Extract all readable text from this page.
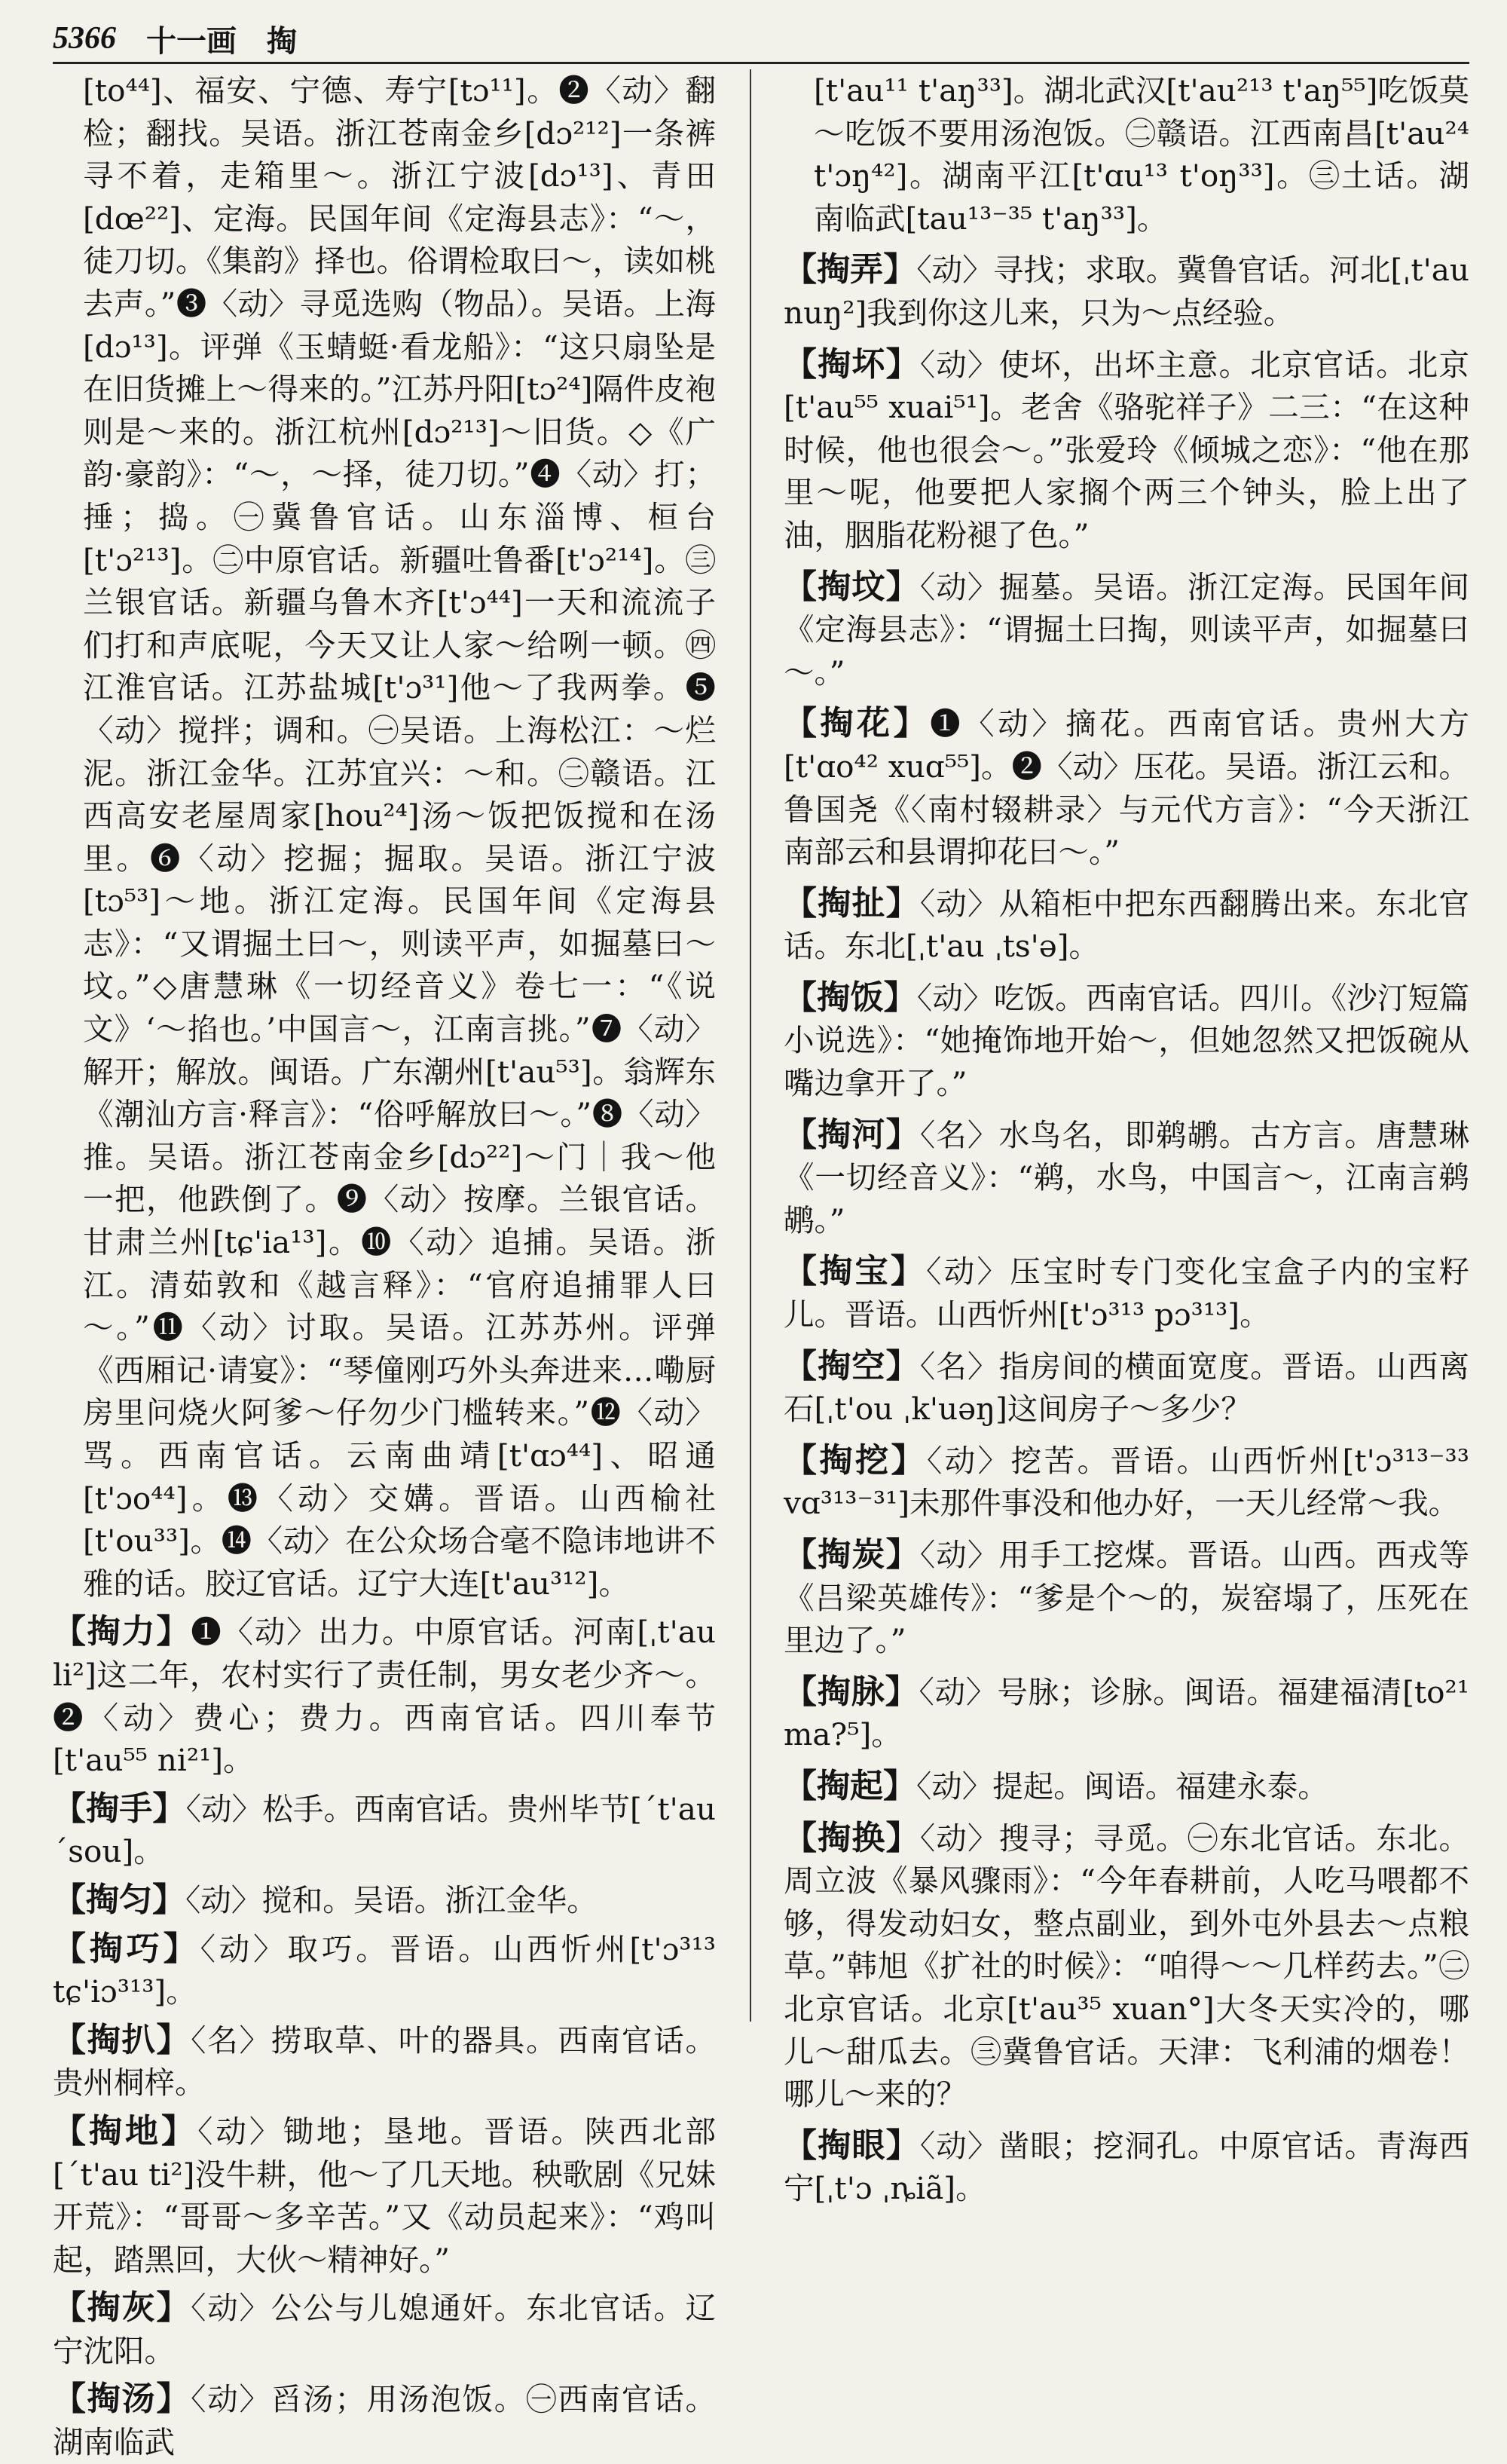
5366 十一画 掏

[to⁴⁴]、福安、宁德、寿宁[tɔ¹¹]。❷〈动〉翻检；翻找。吴语。浙江苍南金乡[dɔ²¹²]一条裤寻不着，走箱里～。浙江宁波[dɔ¹³]、青田[dœ²²]、定海。民国年间《定海县志》：“～，徒刀切。《集韵》择也。俗谓检取曰～，读如桃去声。”❸〈动〉寻觅选购（物品）。吴语。上海[dɔ¹³]。评弹《玉蜻蜓·看龙船》：“这只扇坠是在旧货摊上～得来的。”江苏丹阳[tɔ²⁴]隔件皮袍则是～来的。浙江杭州[dɔ²¹³]～旧货。◇《广韵·豪韵》：“～，～择，徒刀切。”❹〈动〉打；捶；捣。㊀冀鲁官话。山东淄博、桓台[t'ɔ²¹³]。㊁中原官话。新疆吐鲁番[t'ɔ²¹⁴]。㊂兰银官话。新疆乌鲁木齐[t'ɔ⁴⁴]一天和流流子们打和声底呢，今天又让人家～给咧一顿。㊃江淮官话。江苏盐城[t'ɔ³¹]他～了我两拳。❺〈动〉搅拌；调和。㊀吴语。上海松江：～烂泥。浙江金华。江苏宜兴：～和。㊁赣语。江西高安老屋周家[hou²⁴]汤～饭把饭搅和在汤里。❻〈动〉挖掘；掘取。吴语。浙江宁波[tɔ⁵³]～地。浙江定海。民国年间《定海县志》：“又谓掘土曰～，则读平声，如掘墓曰～坟。”◇唐慧琳《一切经音义》卷七一：“《说文》‘～掐也。’中国言～，江南言挑。”❼〈动〉解开；解放。闽语。广东潮州[t'au⁵³]。翁辉东《潮汕方言·释言》：“俗呼解放曰～。”❽〈动〉推。吴语。浙江苍南金乡[dɔ²²]～门｜我～他一把，他跌倒了。❾〈动〉按摩。兰银官话。甘肃兰州[tɕ'ia¹³]。❿〈动〉追捕。吴语。浙江。清茹敦和《越言释》：“官府追捕罪人曰～。”⓫〈动〉讨取。吴语。江苏苏州。评弹《西厢记·请宴》：“琴僮刚巧外头奔进来…嘞厨房里问烧火阿爹～仔勿少门槛转来。”⓬〈动〉骂。西南官话。云南曲靖[t'ɑɔ⁴⁴]、昭通[t'ɔo⁴⁴]。⓭〈动〉交媾。晋语。山西榆社[t'ou³³]。⓮〈动〉在公众场合毫不隐讳地讲不雅的话。胶辽官话。辽宁大连[t'au³¹²]。

【掏力】❶〈动〉出力。中原官话。河南[ˌt'au li²]这二年，农村实行了责任制，男女老少齐～。❷〈动〉费心；费力。西南官话。四川奉节[t'au⁵⁵ ni²¹]。

【掏手】〈动〉松手。西南官话。贵州毕节[ˊt'au ˊsou]。

【掏匀】〈动〉搅和。吴语。浙江金华。

【掏巧】〈动〉取巧。晋语。山西忻州[t'ɔ³¹³ tɕ'iɔ³¹³]。

【掏扒】〈名〉捞取草、叶的器具。西南官话。贵州桐梓。

【掏地】〈动〉锄地；垦地。晋语。陕西北部[ˊt'au ti²]没牛耕，他～了几天地。秧歌剧《兄妹开荒》：“哥哥～多辛苦。”又《动员起来》：“鸡叫起，踏黑回，大伙～精神好。”

【掏灰】〈动〉公公与儿媳通奸。东北官话。辽宁沈阳。

【掏汤】〈动〉舀汤；用汤泡饭。㊀西南官话。湖南临武

[t'au¹¹ t'aŋ³³]。湖北武汉[t'au²¹³ t'aŋ⁵⁵]吃饭莫～吃饭不要用汤泡饭。㊁赣语。江西南昌[t'au²⁴ t'ɔŋ⁴²]。湖南平江[t'ɑu¹³ t'oŋ³³]。㊂土话。湖南临武[tau¹³⁻³⁵ t'aŋ³³]。

【掏弄】〈动〉寻找；求取。冀鲁官话。河北[ˌt'au nuŋ²]我到你这儿来，只为～点经验。

【掏坏】〈动〉使坏，出坏主意。北京官话。北京[t'au⁵⁵ xuai⁵¹]。老舍《骆驼祥子》二三：“在这种时候，他也很会～。”张爱玲《倾城之恋》：“他在那里～呢，他要把人家搁个两三个钟头，脸上出了油，胭脂花粉褪了色。”

【掏坟】〈动〉掘墓。吴语。浙江定海。民国年间《定海县志》：“谓掘土曰掏，则读平声，如掘墓曰～。”

【掏花】❶〈动〉摘花。西南官话。贵州大方[t'ɑo⁴² xuɑ⁵⁵]。❷〈动〉压花。吴语。浙江云和。鲁国尧《〈南村辍耕录〉与元代方言》：“今天浙江南部云和县谓抑花曰～。”

【掏扯】〈动〉从箱柜中把东西翻腾出来。东北官话。东北[ˌt'au ˌts'ə]。

【掏饭】〈动〉吃饭。西南官话。四川。《沙汀短篇小说选》：“她掩饰地开始～，但她忽然又把饭碗从嘴边拿开了。”

【掏河】〈名〉水鸟名，即鹈鹕。古方言。唐慧琳《一切经音义》：“鹈，水鸟，中国言～，江南言鹈鹕。”

【掏宝】〈动〉压宝时专门变化宝盒子内的宝籽儿。晋语。山西忻州[t'ɔ³¹³ pɔ³¹³]。

【掏空】〈名〉指房间的横面宽度。晋语。山西离石[ˌt'ou ˌk'uəŋ]这间房子～多少？

【掏挖】〈动〉挖苦。晋语。山西忻州[t'ɔ³¹³⁻³³ vɑ³¹³⁻³¹]未那件事没和他办好，一天儿经常～我。

【掏炭】〈动〉用手工挖煤。晋语。山西。西戎等《吕梁英雄传》：“爹是个～的，炭窑塌了，压死在里边了。”

【掏脉】〈动〉号脉；诊脉。闽语。福建福清[to²¹ ma?⁵]。

【掏起】〈动〉提起。闽语。福建永泰。

【掏换】〈动〉搜寻；寻觅。㊀东北官话。东北。周立波《暴风骤雨》：“今年春耕前，人吃马喂都不够，得发动妇女，整点副业，到外屯外县去～点粮草。”韩旭《扩社的时候》：“咱得～～几样药去。”㊁北京官话。北京[t'au³⁵ xuan°]大冬天实冷的，哪儿～甜瓜去。㊂冀鲁官话。天津：飞利浦的烟卷！哪儿～来的？

【掏眼】〈动〉凿眼；挖洞孔。中原官话。青海西宁[ˌt'ɔ ˌȵiã]。
